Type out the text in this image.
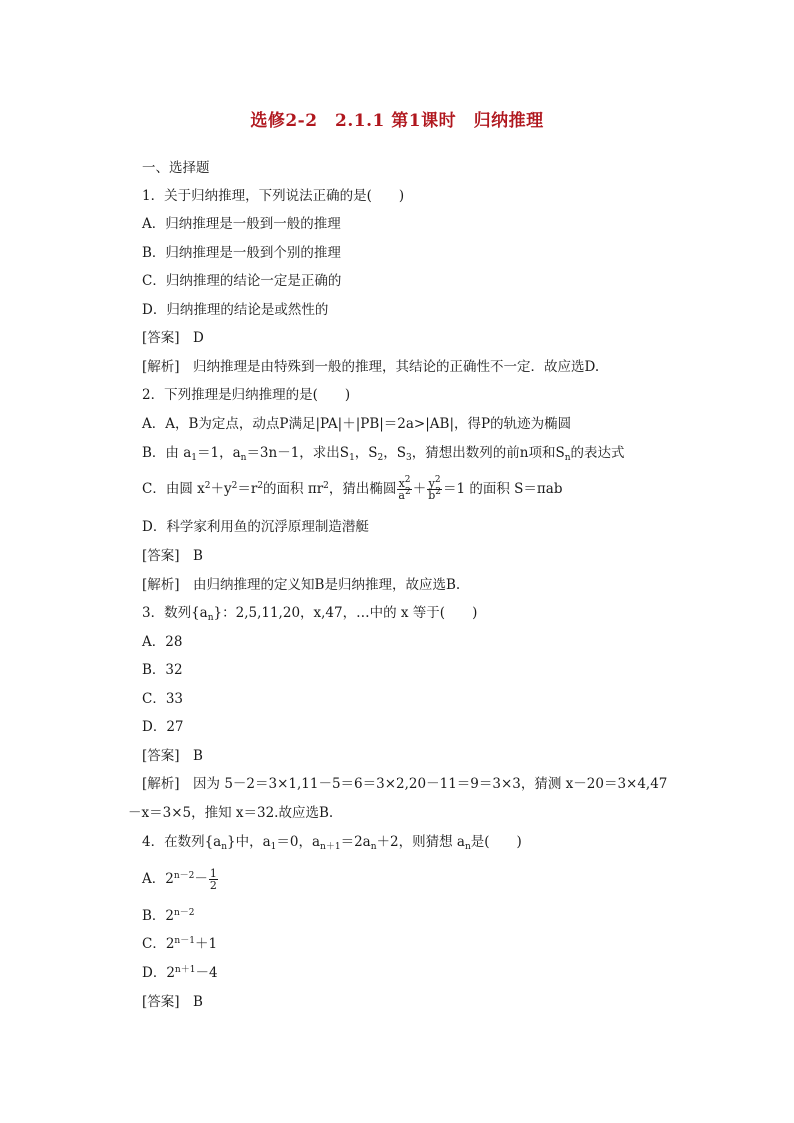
选修2-2　2.1.1 第1课时　归纳推理
一、选择题
1．关于归纳推理，下列说法正确的是(　　)
A．归纳推理是一般到一般的推理
B．归纳推理是一般到个别的推理
C．归纳推理的结论一定是正确的
D．归纳推理的结论是或然性的
[答案]　D
[解析]　归纳推理是由特殊到一般的推理，其结论的正确性不一定．故应选D.
2．下列推理是归纳推理的是(　　)
A．A，B为定点，动点P满足|PA|＋|PB|＝2a>|AB|，得P的轨迹为椭圆
B．由 $a_1=1$，$a_n=3n-1$，求出$S_1$，$S_2$，$S_3$，猜想出数列的前n项和$S_n$的表达式
C．由圆 $x^2+y^2=r^2$的面积 $\pi r^2$，猜出椭圆 $\frac{x^2}{a^2} + \frac{y^2}{b^2} =1$ 的面积 S＝πab
D．科学家利用鱼的沉浮原理制造潜艇
[答案]　B
[解析]　由归纳推理的定义知B是归纳推理，故应选B.
3．数列$\{a_n\}$：2,5,11,20，x,47，…中的 x 等于(　　)
A．28
B．32
C．33
D．27
[答案]　B
[解析]　因为 5－2＝3×1,11－5＝6＝3×2,20－11＝9＝3×3，猜测 x－20＝3×4,47
－x＝3×5，推知 x＝32.故应选B.
4．在数列$\{a_n\}$中，$a_1=0$，$a_{n+1}=2a_n+2$，则猜想 $a_n$是(　　)
A．$2^{n-2}- \frac{1}{2}$
B．$2^{n-2}$
C．$2^{n-1}+1$
D．$2^{n+1}-4$
[答案]　B
